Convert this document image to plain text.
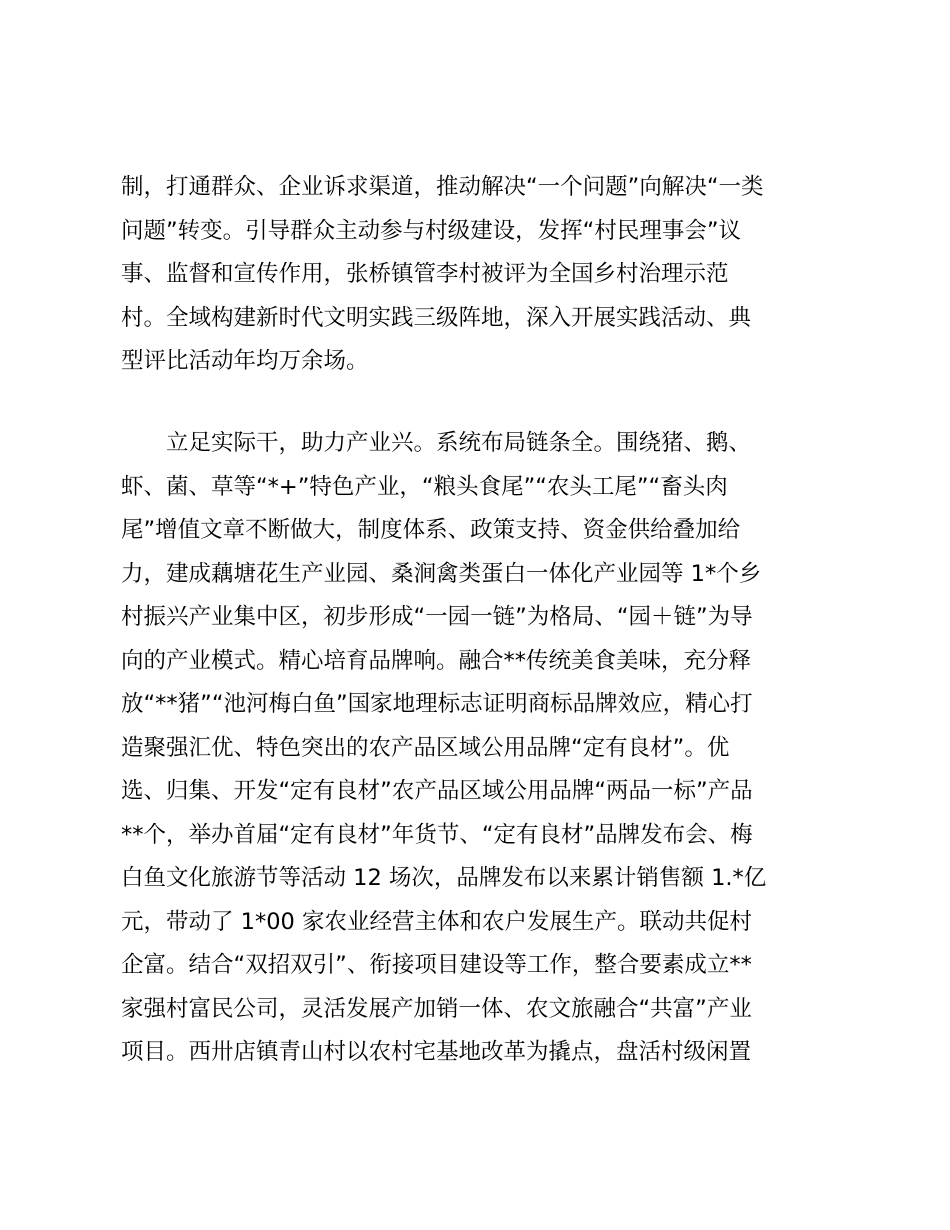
制，打通群众、企业诉求渠道，推动解决“一个问题”向解决“一类
问题”转变。引导群众主动参与村级建设，发挥“村民理事会”议
事、监督和宣传作用，张桥镇管李村被评为全国乡村治理示范
村。全域构建新时代文明实践三级阵地，深入开展实践活动、典
型评比活动年均万余场。
　　立足实际干，助力产业兴。系统布局链条全。围绕猪、鹅、
虾、菌、草等“*+”特色产业，“粮头食尾”“农头工尾”“畜头肉
尾”增值文章不断做大，制度体系、政策支持、资金供给叠加给
力，建成藕塘花生产业园、桑涧禽类蛋白一体化产业园等 1*个乡
村振兴产业集中区，初步形成“一园一链”为格局、“园＋链”为导
向的产业模式。精心培育品牌响。融合**传统美食美味，充分释
放“**猪”“池河梅白鱼”国家地理标志证明商标品牌效应，精心打
造聚强汇优、特色突出的农产品区域公用品牌“定有良材”。优
选、归集、开发“定有良材”农产品区域公用品牌“两品一标”产品
**个，举办首届“定有良材”年货节、“定有良材”品牌发布会、梅
白鱼文化旅游节等活动 12 场次，品牌发布以来累计销售额 1.*亿
元，带动了 1*00 家农业经营主体和农户发展生产。联动共促村
企富。结合“双招双引”、衔接项目建设等工作，整合要素成立**
家强村富民公司，灵活发展产加销一体、农文旅融合“共富”产业
项目。西卅店镇青山村以农村宅基地改革为撬点，盘活村级闲置
